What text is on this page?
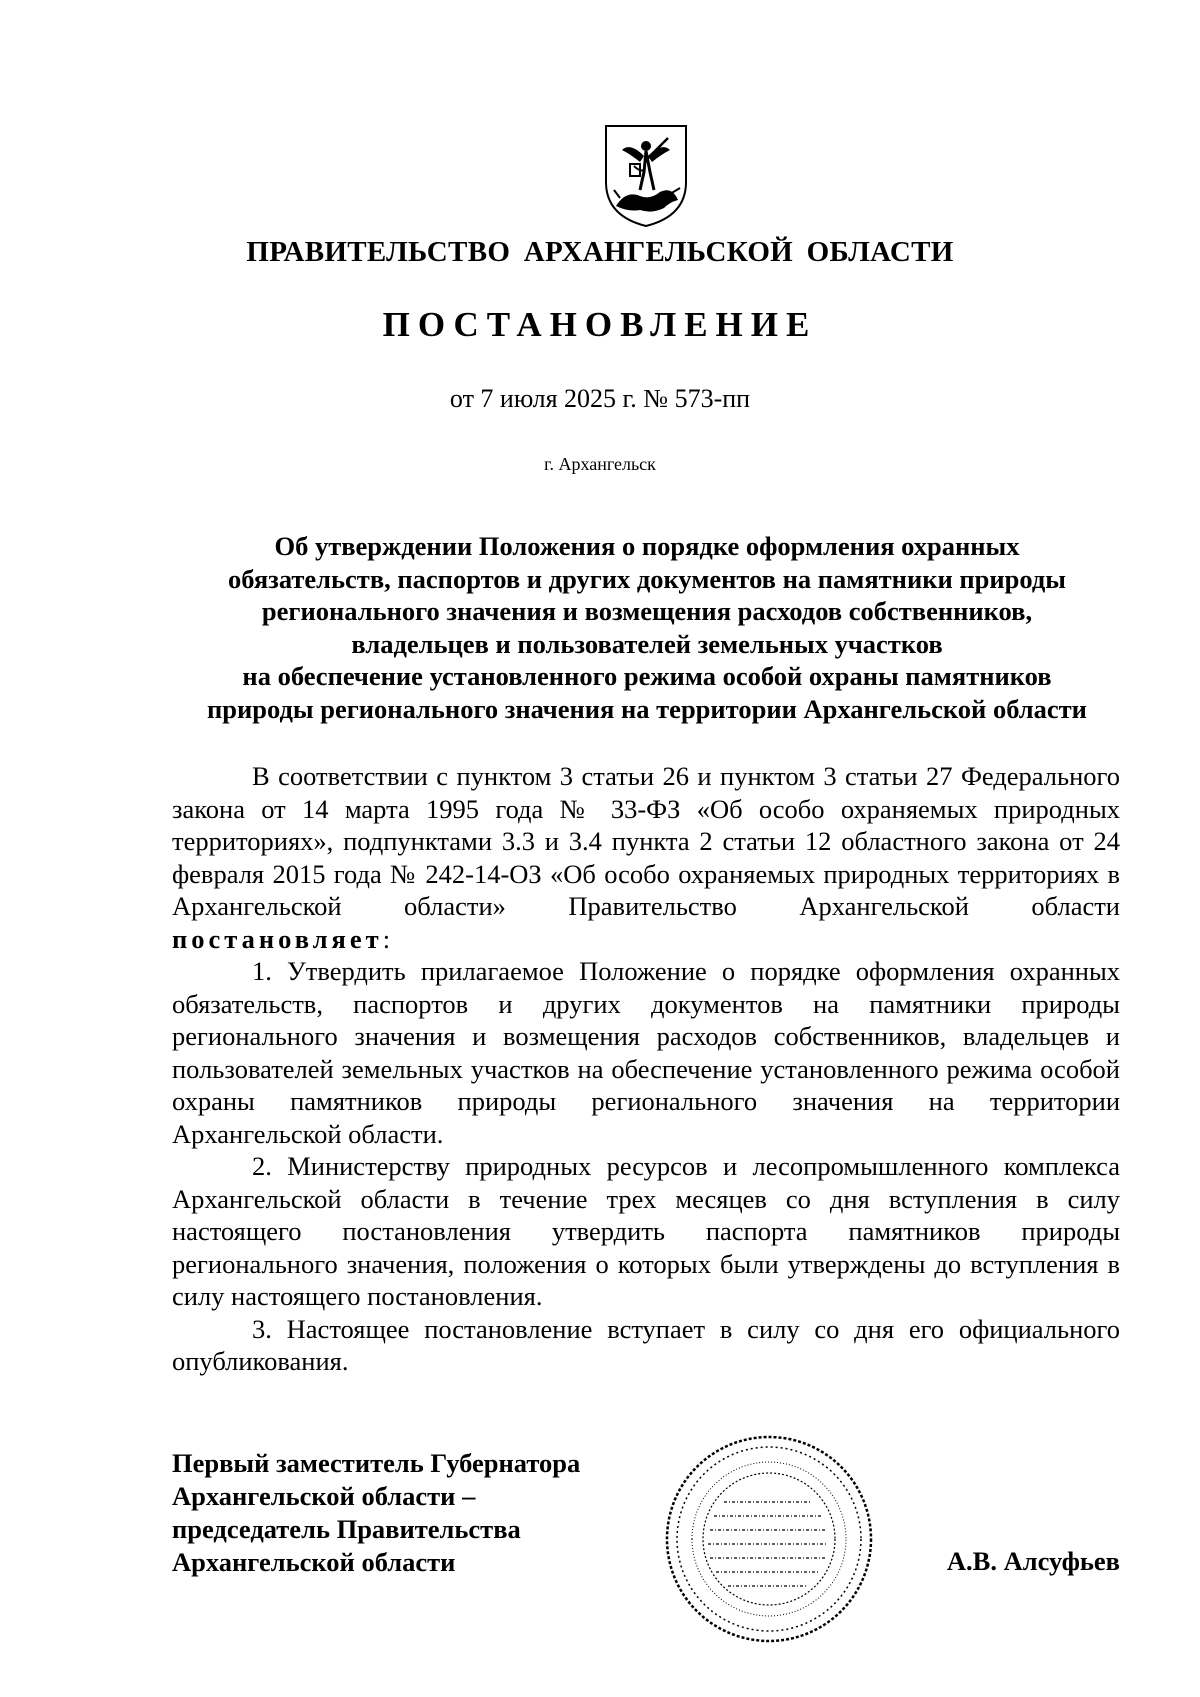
ПРАВИТЕЛЬСТВО АРХАНГЕЛЬСКОЙ ОБЛАСТИ
ПОСТАНОВЛЕНИЕ
от 7 июля 2025 г. № 573-пп
г. Архангельск
Об утверждении Положения о порядке оформления охранных
обязательств, паспортов и других документов на памятники природы
регионального значения и возмещения расходов собственников,
владельцев и пользователей земельных участков
на обеспечение установленного режима особой охраны памятников
природы регионального значения на территории Архангельской области

В соответствии с пунктом 3 статьи 26 и пунктом 3 статьи 27 Федерального закона от 14 марта 1995 года № 33-ФЗ «Об особо охраняемых природных территориях», подпунктами 3.3 и 3.4 пункта 2 статьи 12 областного закона от 24 февраля 2015 года № 242-14-ОЗ «Об особо охраняемых природных территориях в Архангельской области» Правительство Архангельской области постановляет:

1. Утвердить прилагаемое Положение о порядке оформления охранных обязательств, паспортов и других документов на памятники природы регионального значения и возмещения расходов собственников, владельцев и пользователей земельных участков на обеспечение установленного режима особой охраны памятников природы регионального значения на территории Архангельской области.

2. Министерству природных ресурсов и лесопромышленного комплекса Архангельской области в течение трех месяцев со дня вступления в силу настоящего постановления утвердить паспорта памятников природы регионального значения, положения о которых были утверждены до вступления в силу настоящего постановления.

3. Настоящее постановление вступает в силу со дня его официального опубликования.

Первый заместитель Губернатора
Архангельской области –
председатель Правительства
Архангельской области	А.В. Алсуфьев
